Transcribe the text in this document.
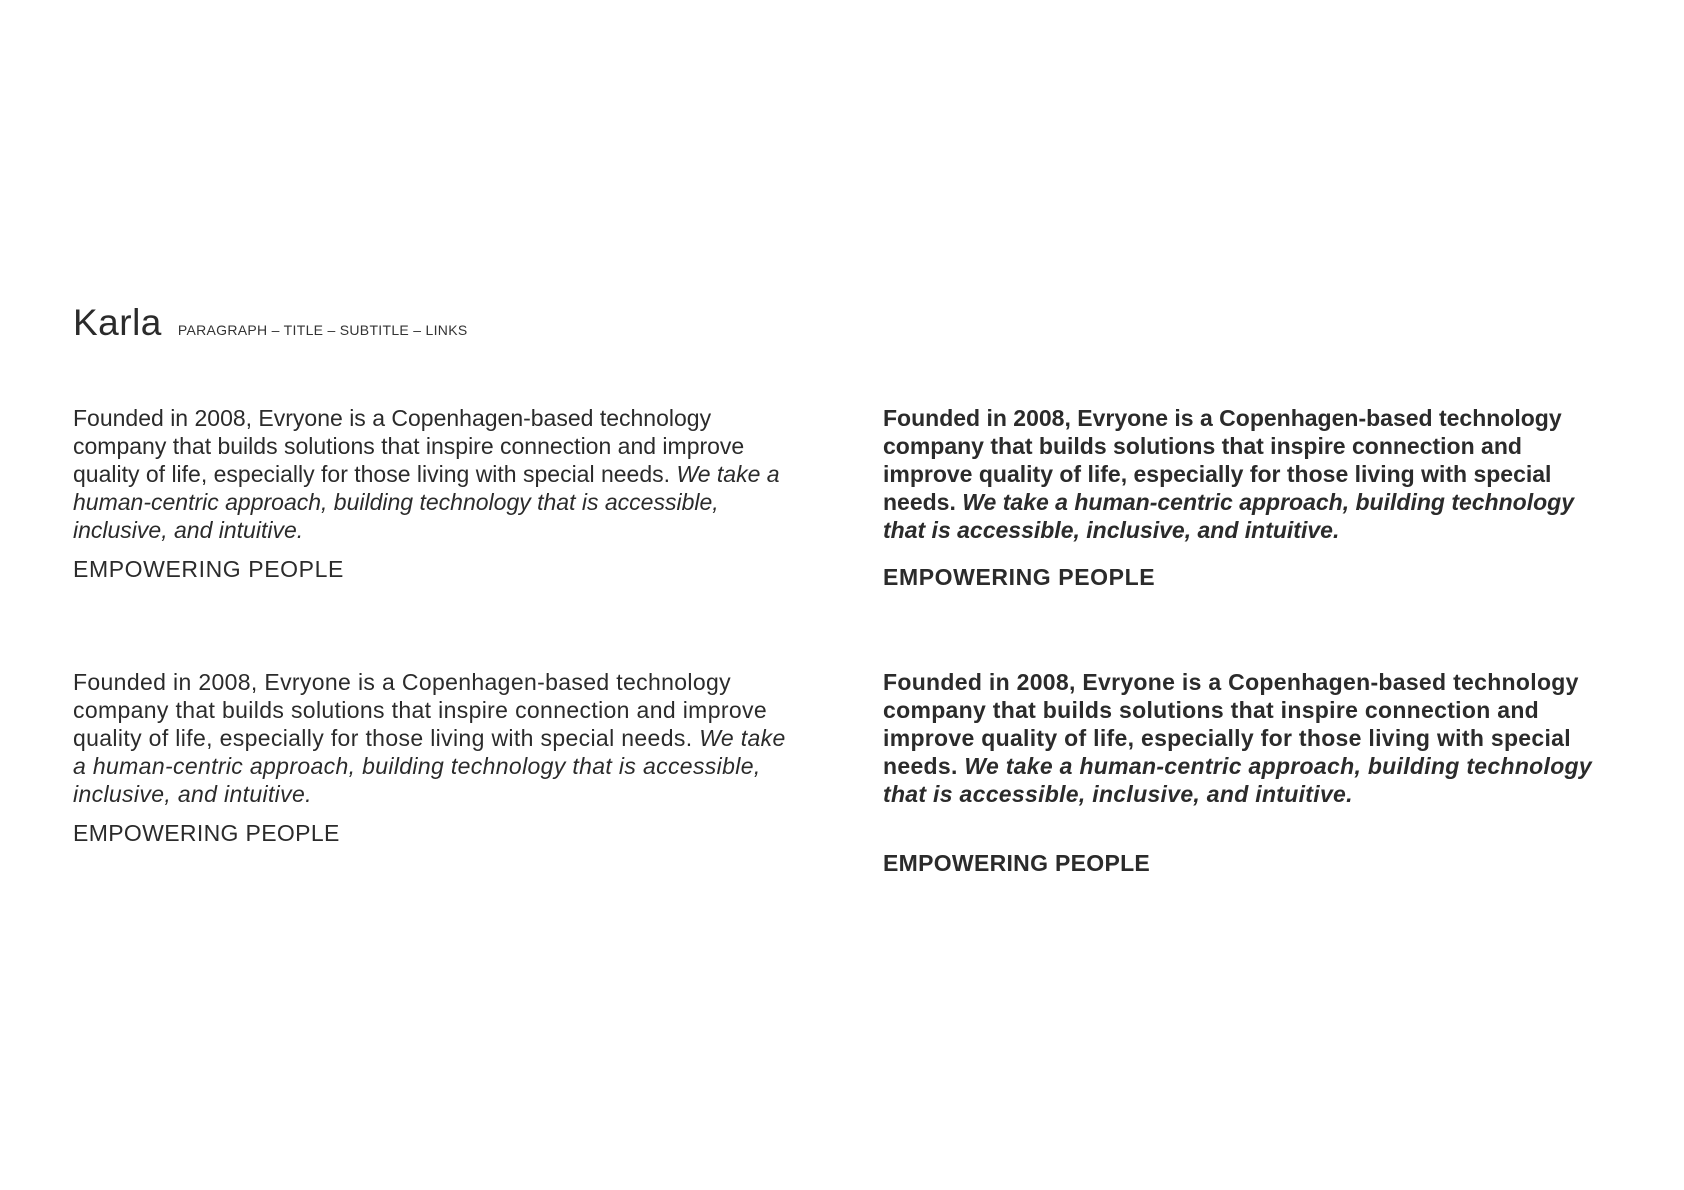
Karla PARAGRAPH – TITLE – SUBTITLE – LINKS

Founded in 2008, Evryone is a Copenhagen-based technology company that builds solutions that inspire connection and improve quality of life, especially for those living with special needs. We take a human-centric approach, building technology that is accessible, inclusive, and intuitive.

EMPOWERING PEOPLE

Founded in 2008, Evryone is a Copenhagen-based technology company that builds solutions that inspire connection and improve quality of life, especially for those living with special needs. We take a human-centric approach, building technology that is accessible, inclusive, and intuitive.

EMPOWERING PEOPLE

Founded in 2008, Evryone is a Copenhagen-based technology company that builds solutions that inspire connection and improve quality of life, especially for those living with special needs. We take a human-centric approach, building technology that is accessible, inclusive, and intuitive.

EMPOWERING PEOPLE

Founded in 2008, Evryone is a Copenhagen-based technology company that builds solutions that inspire connection and improve quality of life, especially for those living with special needs. We take a human-centric approach, building technology that is accessible, inclusive, and intuitive.

EMPOWERING PEOPLE
